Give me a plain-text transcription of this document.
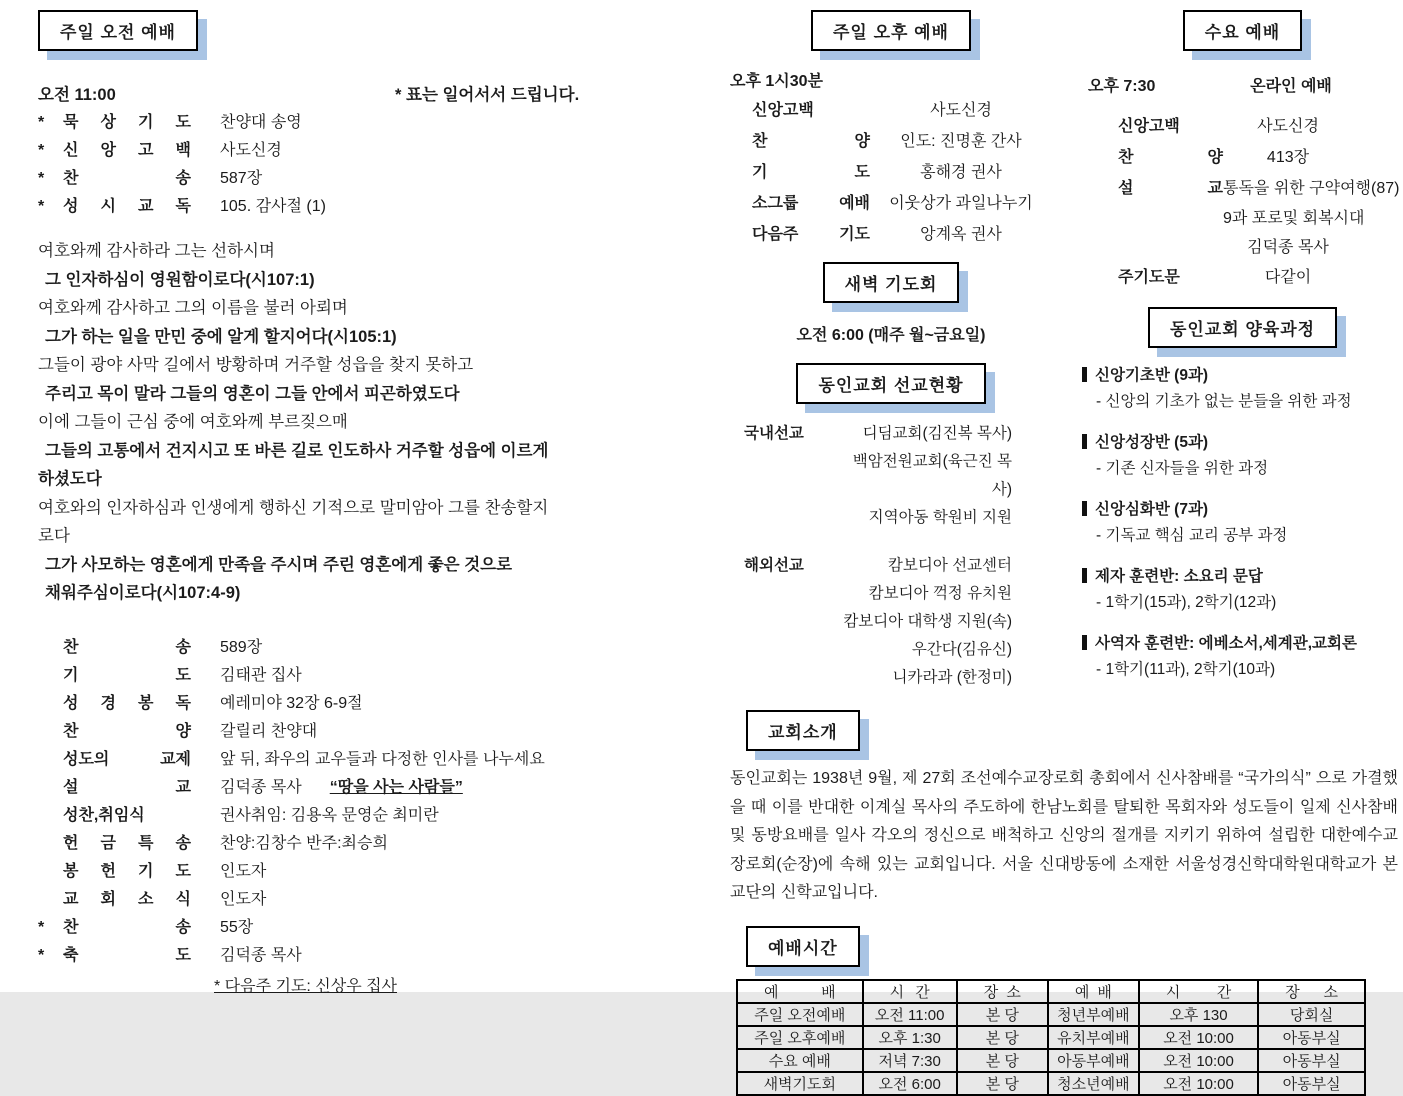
주일 오전 예배
오전 11:00	* 표는 일어서서 드립니다.
*	묵 상 기 도	찬양대 송영
*	신 앙 고 백	사도신경
*	찬 송	587장
*	성 시 교 독	105. 감사절 (1)
여호와께 감사하라 그는 선하시며
그 인자하심이 영원함이로다(시107:1)
여호와께 감사하고 그의 이름을 불러 아뢰며
그가 하는 일을 만민 중에 알게 할지어다(시105:1)
그들이 광야 사막 길에서 방황하며 거주할 성읍을 찾지 못하고
주리고 목이 말라 그들의 영혼이 그들 안에서 피곤하였도다
이에 그들이 근심 중에 여호와께 부르짖으매
그들의 고통에서 건지시고 또 바른 길로 인도하사 거주할 성읍에 이르게
하셨도다
여호와의 인자하심과 인생에게 행하신 기적으로 말미암아 그를 찬송할지
로다
그가 사모하는 영혼에게 만족을 주시며 주린 영혼에게 좋은 것으로
채워주심이로다(시107:4-9)
찬 송	589장
기 도	김태관 집사
성 경 봉 독	예레미야 32장 6-9절
찬 양	갈릴리 찬양대
성도의 교제	앞 뒤, 좌우의 교우들과 다정한 인사를 나누세요
설 교	김덕종 목사 “땅을 사는 사람들”
성찬,취임식	권사취임: 김용옥 문영순 최미란
헌 금 특 송	찬양:김창수 반주:최승희
봉 헌 기 도	인도자
교 회 소 식	인도자
*	찬 송	55장
*	축 도	김덕종 목사
* 다음주 기도: 신상우 집사
주일 오후 예배
오후 1시30분
신앙고백	사도신경
찬 양	인도: 진명훈 간사
기 도	홍해경 권사
소그룹 예배	이웃상가 과일나누기
다음주 기도	앙계옥 권사
새벽 기도회
오전 6:00 (매주 월~금요일)
동인교회 선교현황
국내선교	디딤교회(김진복 목사)
백암전원교회(육근진 목사)
지역아동 학원비 지원
해외선교	캄보디아 선교센터
캄보디아 꺽정 유치원
캄보디아 대학생 지원(속)
우간다(김유신)
니카라과 (한정미)
교회소개
동인교회는 1938년 9월, 제 27회 조선예수교장로회 총회에서 신사참배를 “국가의식” 으로 가결했을 때 이를 반대한 이계실 목사의 주도하에 한남노회를 탈퇴한 목회자와 성도들이 일제 신사참배 및 동방요배를 일사 각오의 정신으로 배척하고 신앙의 절개를 지키기 위하여 설립한 대한예수교 장로회(순장)에 속해 있는 교회입니다. 서울 신대방동에 소재한 서울성경신학대학원대학교가 본 교단의 신학교입니다.
예배시간
예 배	시 간	장 소	예 배	시 간	장 소
주일 오전예배	오전 11:00	본 당	청년부예배	오후 130	당회실
주일 오후예배	오후 1:30	본 당	유치부예배	오전 10:00	아동부실
수요 예배	저녁 7:30	본 당	아동부예배	오전 10:00	아동부실
새벽기도회	오전 6:00	본 당	청소년예배	오전 10:00	아동부실
수요 예배
오후 7:30	온라인 예배
신앙고백	사도신경
찬 양	413장
설 교 통독을 위한 구약여행(87)
9과 포로및 회복시대
김덕종 목사
주기도문	다같이
동인교회 양육과정
신앙기초반 (9과)
- 신앙의 기초가 없는 분들을 위한 과정
신앙성장반 (5과)
- 기존 신자들을 위한 과정
신앙심화반 (7과)
- 기독교 핵심 교리 공부 과정
제자 훈련반: 소요리 문답
- 1학기(15과), 2학기(12과)
사역자 훈련반: 에베소서,세계관,교회론
- 1학기(11과), 2학기(10과)
